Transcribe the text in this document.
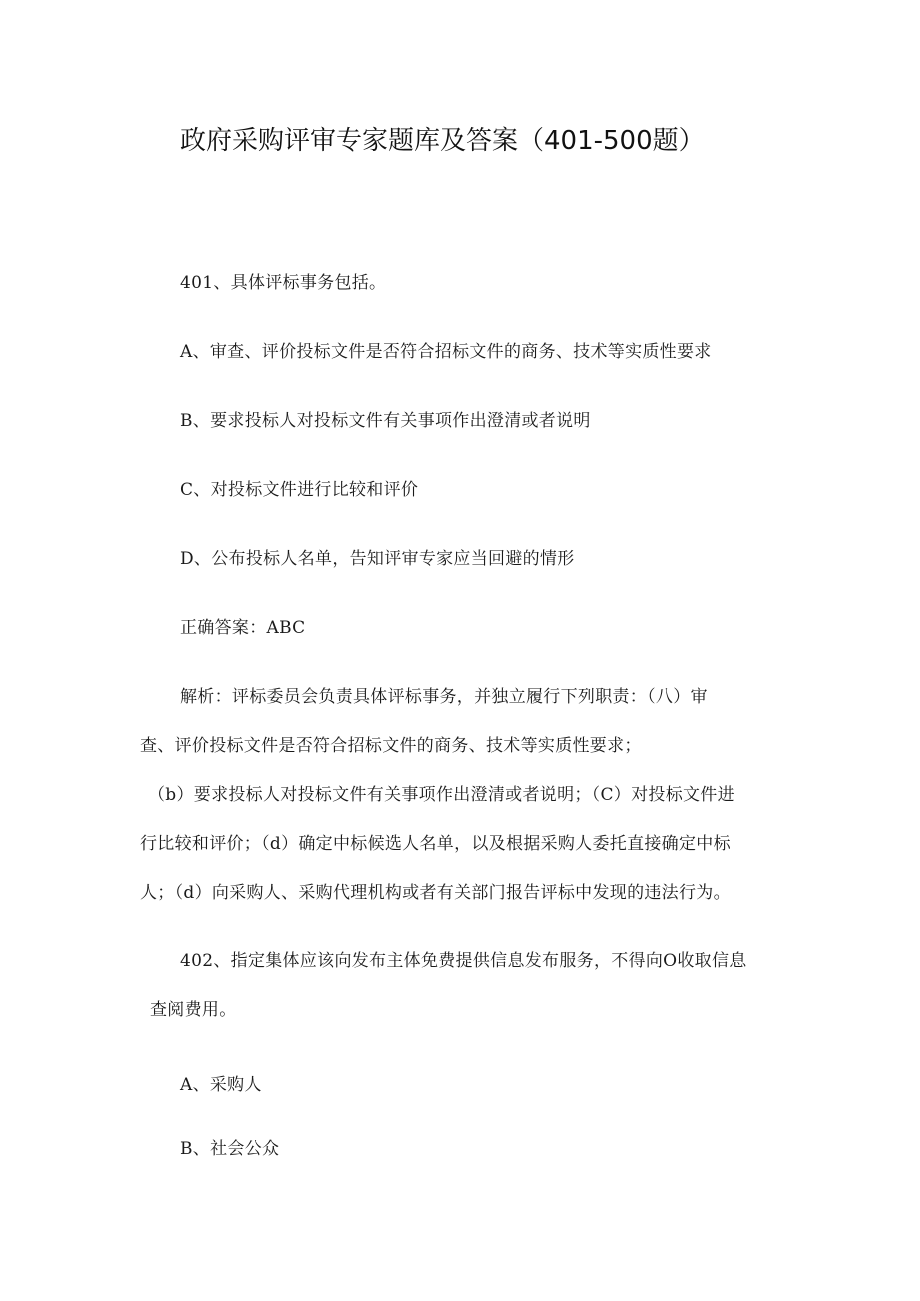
政府采购评审专家题库及答案（401-500题）
401、具体评标事务包括。
A、审查、评价投标文件是否符合招标文件的商务、技术等实质性要求
B、要求投标人对投标文件有关事项作出澄清或者说明
C、对投标文件进行比较和评价
D、公布投标人名单，告知评审专家应当回避的情形
正确答案：ABC
解析：评标委员会负责具体评标事务，并独立履行下列职责：（八）审
查、评价投标文件是否符合招标文件的商务、技术等实质性要求；
（b）要求投标人对投标文件有关事项作出澄清或者说明；（C）对投标文件进
行比较和评价；（d）确定中标候选人名单，以及根据采购人委托直接确定中标
人；（d）向采购人、采购代理机构或者有关部门报告评标中发现的违法行为。
402、指定集体应该向发布主体免费提供信息发布服务，不得向O收取信息
查阅费用。
A、采购人
B、社会公众
